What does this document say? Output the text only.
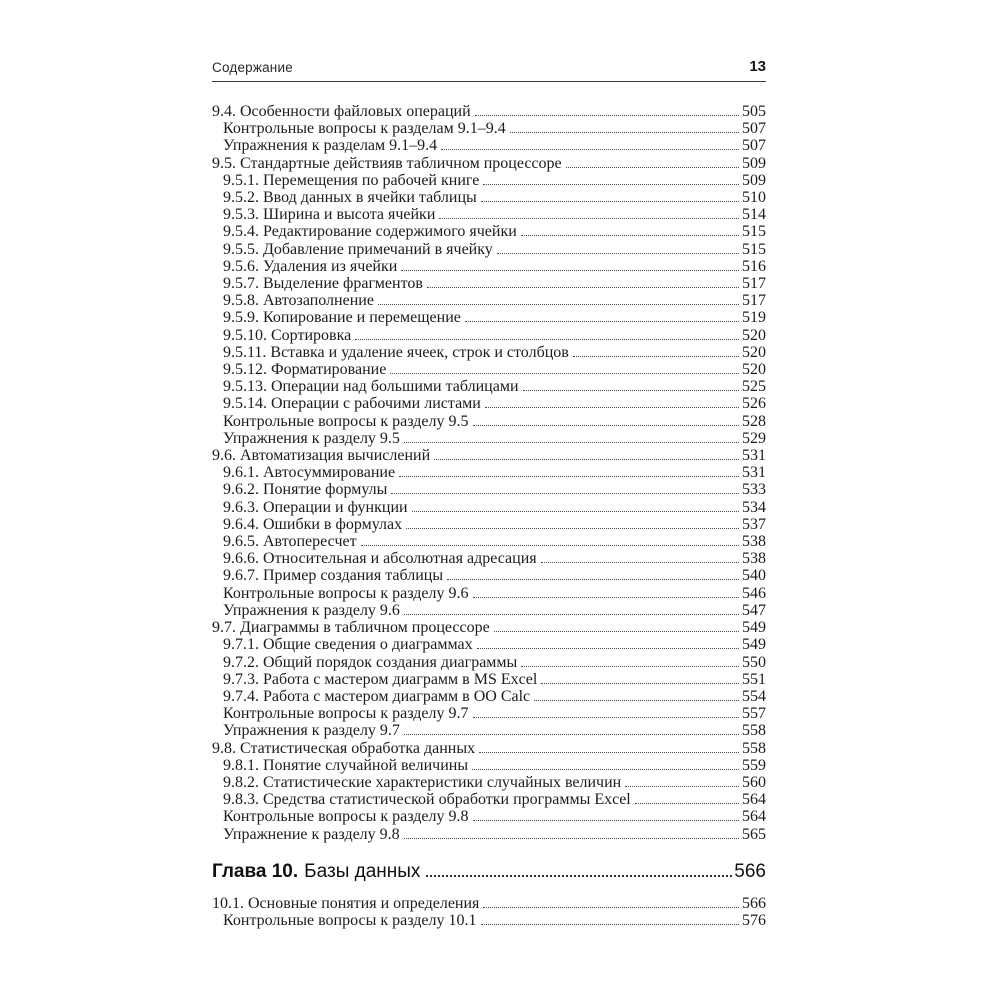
Содержание	13
9.4. Особенности файловых операций	505
Контрольные вопросы к разделам 9.1–9.4	507
Упражнения к разделам 9.1–9.4	507
9.5. Стандартные действияв табличном процессоре	509
9.5.1. Перемещения по рабочей книге	509
9.5.2. Ввод данных в ячейки таблицы	510
9.5.3. Ширина и высота ячейки	514
9.5.4. Редактирование содержимого ячейки	515
9.5.5. Добавление примечаний в ячейку	515
9.5.6. Удаления из ячейки	516
9.5.7. Выделение фрагментов	517
9.5.8. Автозаполнение	517
9.5.9. Копирование и перемещение	519
9.5.10. Сортировка	520
9.5.11. Вставка и удаление ячеек, строк и столбцов	520
9.5.12. Форматирование	520
9.5.13. Операции над большими таблицами	525
9.5.14. Операции с рабочими листами	526
Контрольные вопросы к разделу 9.5	528
Упражнения к разделу 9.5	529
9.6. Автоматизация вычислений	531
9.6.1. Автосуммирование	531
9.6.2. Понятие формулы	533
9.6.3. Операции и функции	534
9.6.4. Ошибки в формулах	537
9.6.5. Автопересчет	538
9.6.6. Относительная и абсолютная адресация	538
9.6.7. Пример создания таблицы	540
Контрольные вопросы к разделу 9.6	546
Упражнения к разделу 9.6	547
9.7. Диаграммы в табличном процессоре	549
9.7.1. Общие сведения о диаграммах	549
9.7.2. Общий порядок создания диаграммы	550
9.7.3. Работа с мастером диаграмм в MS Excel	551
9.7.4. Работа с мастером диаграмм в OO Calc	554
Контрольные вопросы к разделу 9.7	557
Упражнения к разделу 9.7	558
9.8. Статистическая обработка данных	558
9.8.1. Понятие случайной величины	559
9.8.2. Статистические характеристики случайных величин	560
9.8.3. Средства статистической обработки программы Excel	564
Контрольные вопросы к разделу 9.8	564
Упражнение к разделу 9.8	565
Глава 10. Базы данных	566
10.1. Основные понятия и определения	566
Контрольные вопросы к разделу 10.1	576
